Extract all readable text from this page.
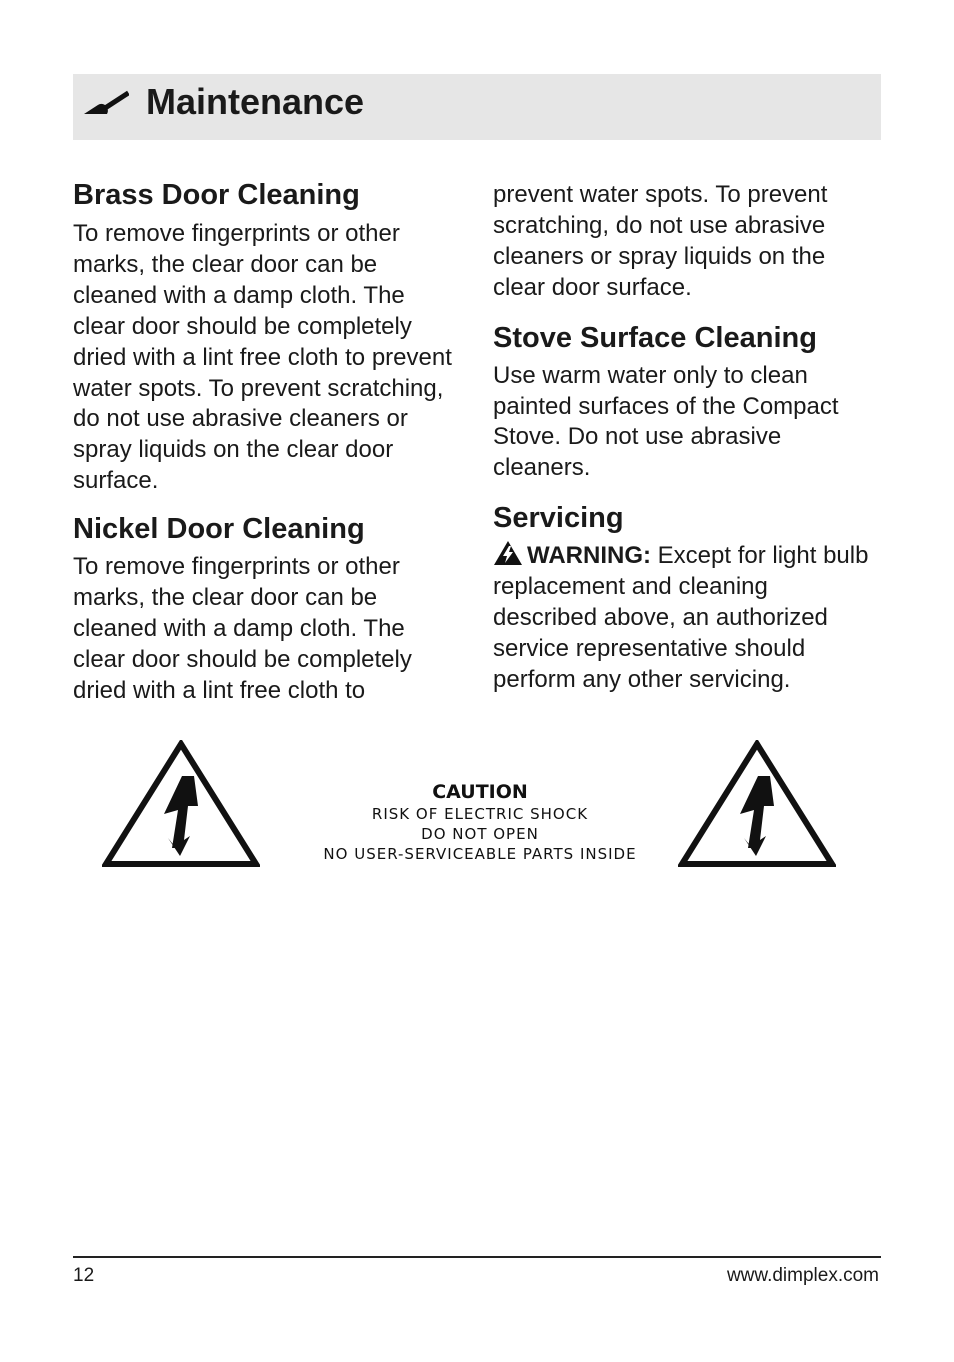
Maintenance
Brass Door Cleaning

To remove fingerprints or other marks, the clear door can be cleaned with a damp cloth. The clear door should be completely dried with a lint free cloth to prevent water spots. To prevent scratching, do not use abrasive cleaners or spray liquids on the clear door surface.

Nickel Door Cleaning

To remove fingerprints or other marks, the clear door can be cleaned with a damp cloth. The clear door should be completely dried with a lint free cloth to

prevent water spots. To prevent scratching, do not use abrasive cleaners or spray liquids on the clear door surface.

Stove Surface Cleaning

Use warm water only to clean painted surfaces of the Compact Stove. Do not use abrasive cleaners.

Servicing

WARNING: Except for light bulb replacement and cleaning described above, an authorized service representative should perform any other servicing.

CAUTION
RISK OF ELECTRIC SHOCK
DO NOT OPEN
NO USER-SERVICEABLE PARTS INSIDE
12	www.dimplex.com
